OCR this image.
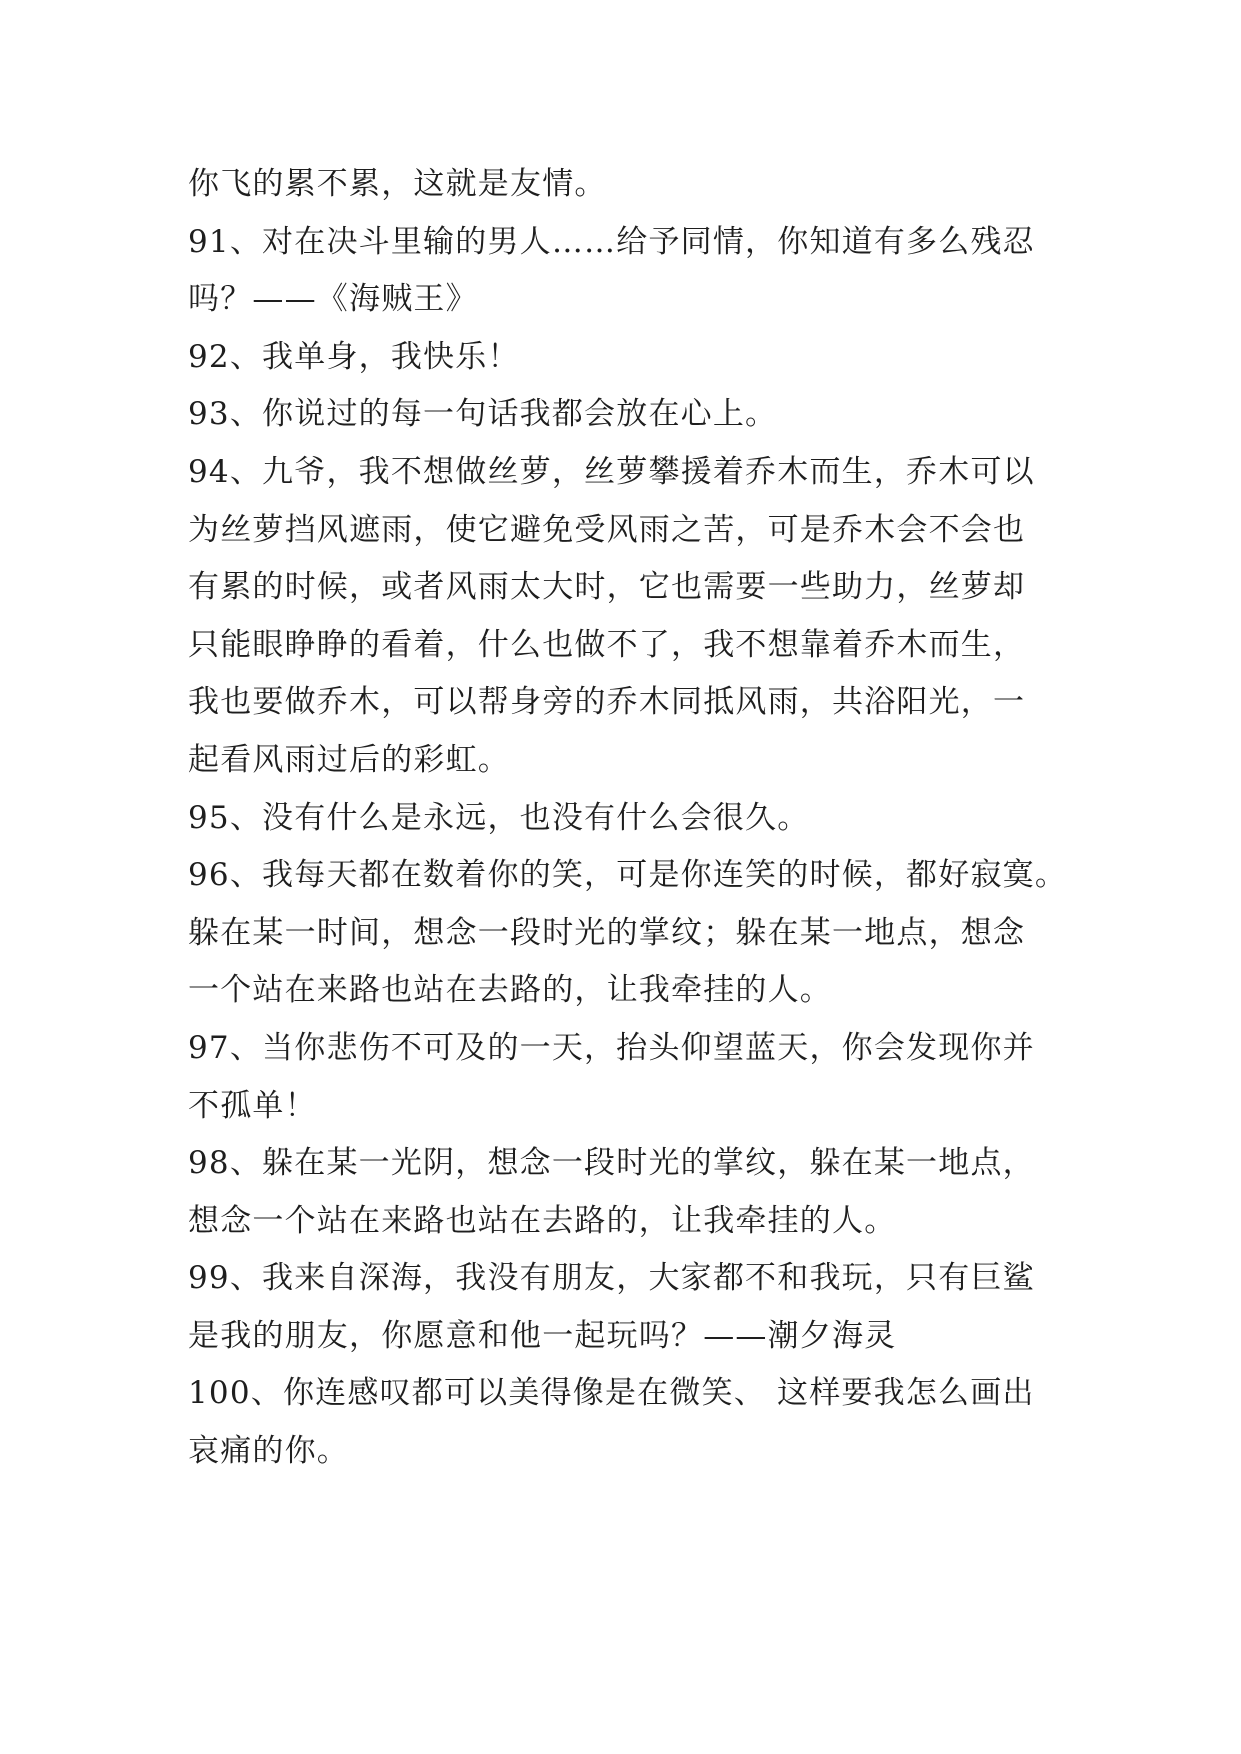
你飞的累不累，这就是友情。
91、对在决斗里输的男人……给予同情，你知道有多么残忍
吗？——《海贼王》
92、我单身，我快乐！
93、你说过的每一句话我都会放在心上。
94、九爷，我不想做丝萝，丝萝攀援着乔木而生，乔木可以
为丝萝挡风遮雨，使它避免受风雨之苦，可是乔木会不会也
有累的时候，或者风雨太大时，它也需要一些助力，丝萝却
只能眼睁睁的看着，什么也做不了，我不想靠着乔木而生，
我也要做乔木，可以帮身旁的乔木同抵风雨，共浴阳光，一
起看风雨过后的彩虹。
95、没有什么是永远，也没有什么会很久。
96、我每天都在数着你的笑，可是你连笑的时候，都好寂寞。
躲在某一时间，想念一段时光的掌纹；躲在某一地点，想念
一个站在来路也站在去路的，让我牵挂的人。
97、当你悲伤不可及的一天，抬头仰望蓝天，你会发现你并
不孤单！
98、躲在某一光阴，想念一段时光的掌纹，躲在某一地点，
想念一个站在来路也站在去路的，让我牵挂的人。
99、我来自深海，我没有朋友，大家都不和我玩，只有巨鲨
是我的朋友，你愿意和他一起玩吗？——潮夕海灵
100、你连感叹都可以美得像是在微笑、 这样要我怎么画出
哀痛的你。
